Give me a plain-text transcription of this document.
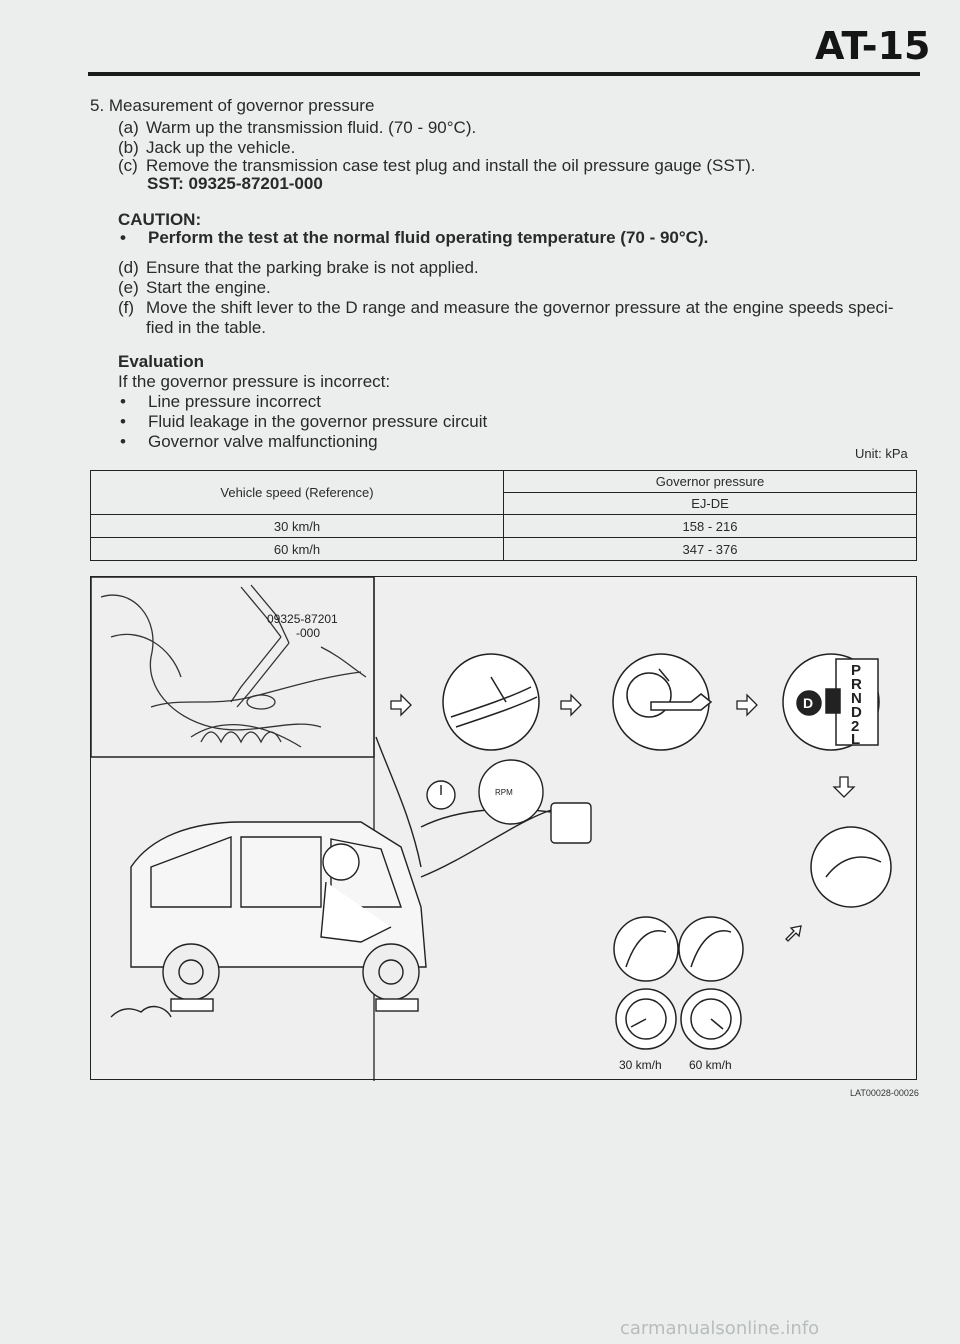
AT-15
5. Measurement of governor pressure
(a) Warm up the transmission fluid. (70 - 90°C).
(b) Jack up the vehicle.
(c) Remove the transmission case test plug and install the oil pressure gauge (SST).
SST: 09325-87201-000
CAUTION:
• Perform the test at the normal fluid operating temperature (70 - 90°C).
(d) Ensure that the parking brake is not applied.
(e) Start the engine.
(f) Move the shift lever to the D range and measure the governor pressure at the engine speeds speci-
fied in the table.
Evaluation
If the governor pressure is incorrect:
• Line pressure incorrect
• Fluid leakage in the governor pressure circuit
• Governor valve malfunctioning
Unit: kPa
Vehicle speed (Reference)	Governor pressure
	EJ-DE
30 km/h	158 - 216
60 km/h	347 - 376
09325-87201
-000
D
P
R
N
D
2
L
RPM
30 km/h 60 km/h
LAT00028-00026
carmanualsonline.info
